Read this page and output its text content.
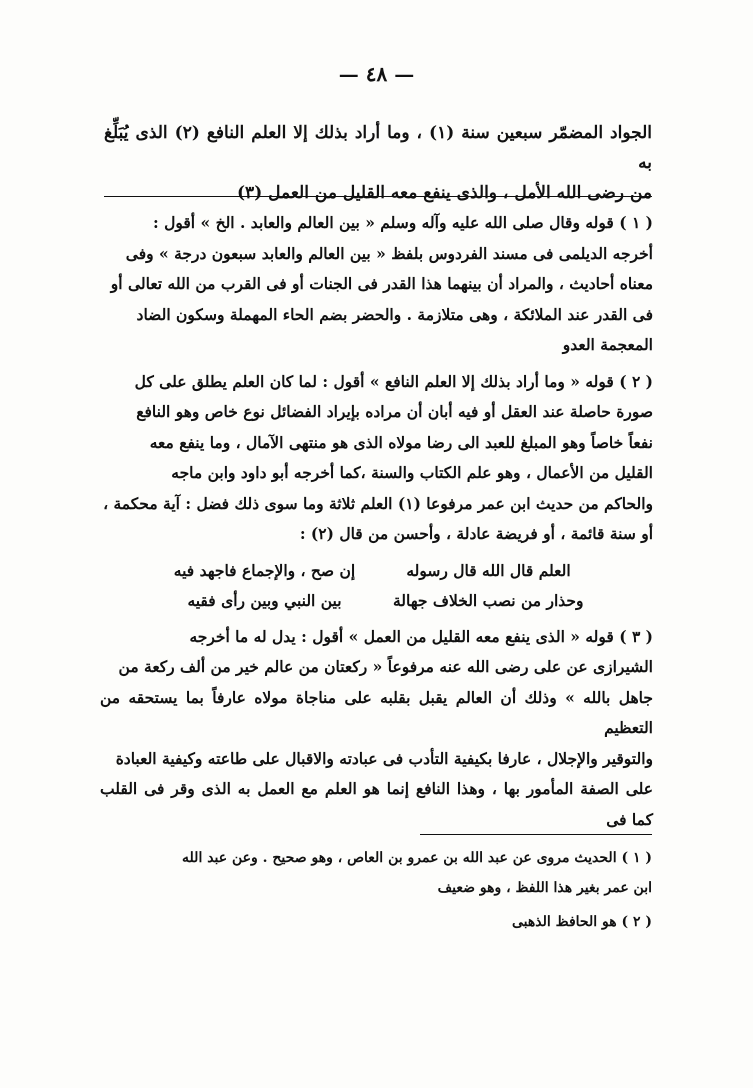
— ٤٨ —

الجواد المضمّر سبعين سنة (١) ، وما أراد بذلك إلا العلم النافع (٢) الذى يُبَلِّغ به

من رضى الله الأمل ، والذى ينفع معه القليل من العمل (٣)

( ١ ) قوله وقال صلى الله عليه وآله وسلم « بين العالم والعابد . الخ » أقول :

أخرجه الديلمى فى مسند الفردوس بلفظ « بين العالم والعابد سبعون درجة » وفى

معناه أحاديث ، والمراد أن بينهما هذا القدر فى الجنات أو فى القرب من الله تعالى أو

فى القدر عند الملائكة ، وهى متلازمة . والحضر بضم الحاء المهملة وسكون الضاد

المعجمة العدو

( ٢ ) قوله « وما أراد بذلك إلا العلم النافع » أقول : لما كان العلم يطلق على كل

صورة حاصلة عند العقل أو فيه أبان أن مراده بإيراد الفضائل نوع خاص وهو النافع

نفعاً خاصاً وهو المبلغ للعبد الى رضا مولاه الذى هو منتهى الآمال ، وما ينفع معه

القليل من الأعمال ، وهو علم الكتاب والسنة ،كما أخرجه أبو داود وابن ماجه

والحاكم من حديث ابن عمر مرفوعا (١) العلم ثلاثة وما سوى ذلك فضل : آية محكمة ،

أو سنة قائمة ، أو فريضة عادلة ، وأحسن من قال (٢) :

العلم قال الله قال رسوله
إن صح ، والإجماع فاجهد فيه
وحذار من نصب الخلاف جهالة
بين النبي وبين رأى فقيه

( ٣ ) قوله « الذى ينفع معه القليل من العمل » أقول : يدل له ما أخرجه

الشيرازى عن على رضى الله عنه مرفوعاً « ركعتان من عالم خير من ألف ركعة من

جاهل بالله » وذلك أن العالم يقبل بقلبه على مناجاة مولاه عارفاً بما يستحقه من التعظيم

والتوقير والإجلال ، عارفا بكيفية التأدب فى عبادته والاقبال على طاعته وكيفية العبادة

على الصفة المأمور بها ، وهذا النافع إنما هو العلم مع العمل به الذى وقر فى القلب كما فى

( ١ ) الحديث مروى عن عبد الله بن عمرو بن العاص ، وهو صحيح . وعن عبد الله

ابن عمر بغير هذا اللفظ ، وهو ضعيف

( ٢ ) هو الحافظ الذهبى
